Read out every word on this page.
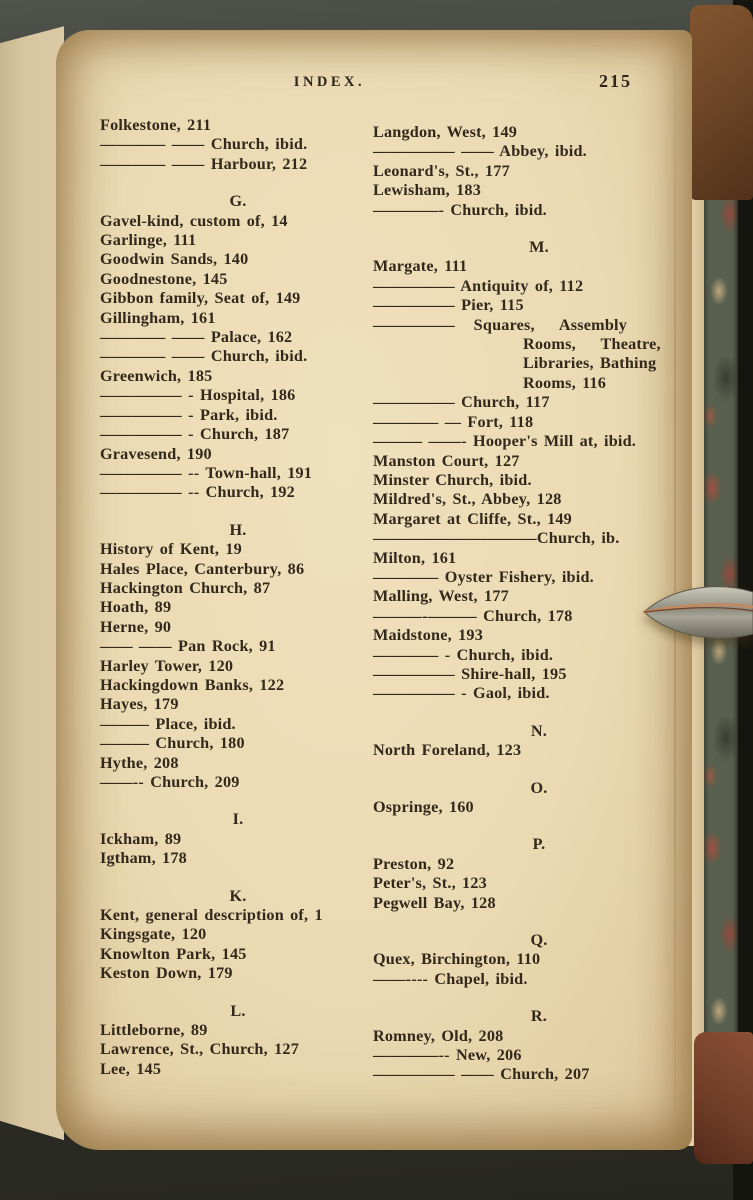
INDEX.	215
Folkestone, 211
———— —— Church, ibid.
———— —— Harbour, 212
G.
Gavel-kind, custom of, 14
Garlinge, 111
Goodwin Sands, 140
Goodnestone, 145
Gibbon family, Seat of, 149
Gillingham, 161
———— —— Palace, 162
———— —— Church, ibid.
Greenwich, 185
————— - Hospital, 186
————— - Park, ibid.
————— - Church, 187
Gravesend, 190
————— -- Town-hall, 191
————— -- Church, 192
H.
History of Kent, 19
Hales Place, Canterbury, 86
Hackington Church, 87
Hoath, 89
Herne, 90
—— —— Pan Rock, 91
Harley Tower, 120
Hackingdown Banks, 122
Hayes, 179
——— Place, ibid.
——— Church, 180
Hythe, 208
——-- Church, 209
I.
Ickham, 89
Igtham, 178
K.
Kent, general description of, 1
Kingsgate, 120
Knowlton Park, 145
Keston Down, 179
L.
Littleborne, 89
Lawrence, St., Church, 127
Lee, 145
Langdon, West, 149
————— —— Abbey, ibid.
Leonard's, St., 177
Lewisham, 183
————- Church, ibid.
M.
Margate, 111
————— Antiquity of, 112
————— Pier, 115
—————   Squares,    Assembly
Rooms,    Theatre,
Libraries, Bathing
Rooms, 116
————— Church, 117
———— — Fort, 118
——— ——- Hooper's Mill at, ibid.
Manston Court, 127
Minster Church, ibid.
Mildred's, St., Abbey, 128
Margaret at Cliffe, St., 149
——————————Church, ib.
Milton, 161
———— Oyster Fishery, ibid.
Malling, West, 177
———-——— Church, 178
Maidstone, 193
———— - Church, ibid.
————— Shire-hall, 195
————— - Gaol, ibid.
N.
North Foreland, 123
O.
Ospringe, 160
P.
Preston, 92
Peter's, St., 123
Pegwell Bay, 128
Q.
Quex, Birchington, 110
——---- Chapel, ibid.
R.
Romney, Old, 208
————-- New, 206
————— —— Church, 207
